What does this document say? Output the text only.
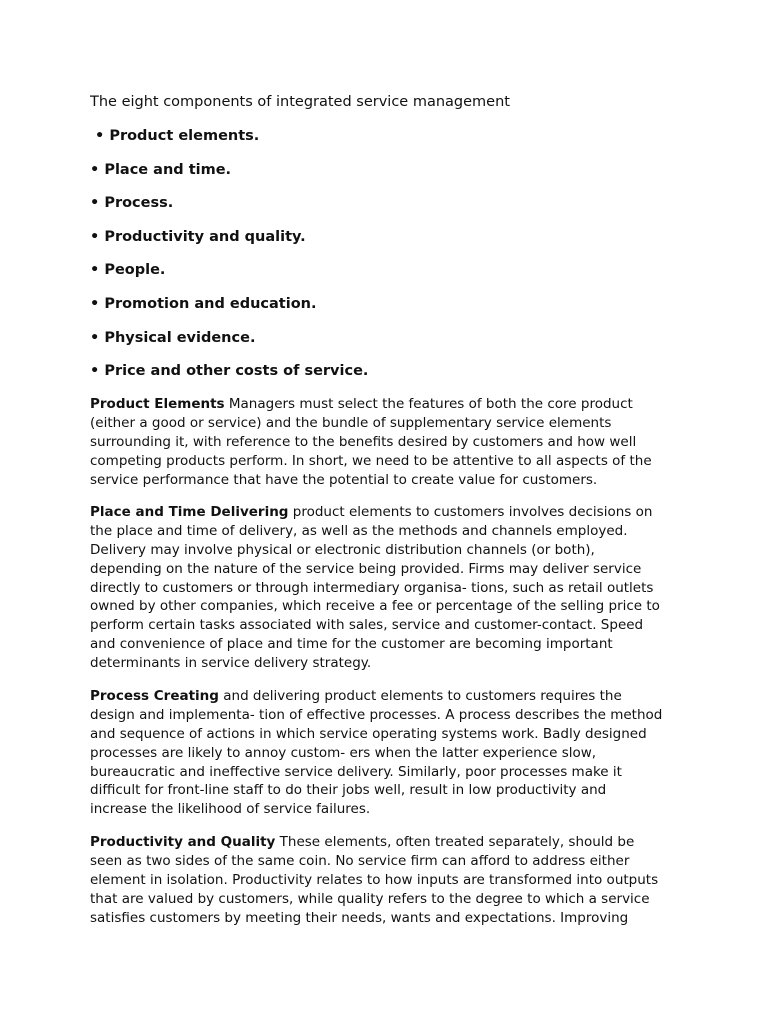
The eight components of integrated service management
• Product elements.
• Place and time.
• Process.
• Productivity and quality.
• People.
• Promotion and education.
• Physical evidence.
• Price and other costs of service.
Product Elements Managers must select the features of both the core product
(either a good or service) and the bundle of supplementary service elements
surrounding it, with reference to the benefits desired by customers and how well
competing products perform. In short, we need to be attentive to all aspects of the
service performance that have the potential to create value for customers.
Place and Time Delivering product elements to customers involves decisions on
the place and time of delivery, as well as the methods and channels employed.
Delivery may involve physical or electronic distribution channels (or both),
depending on the nature of the service being provided. Firms may deliver service
directly to customers or through intermediary organisa- tions, such as retail outlets
owned by other companies, which receive a fee or percentage of the selling price to
perform certain tasks associated with sales, service and customer-contact. Speed
and convenience of place and time for the customer are becoming important
determinants in service delivery strategy.
Process Creating and delivering product elements to customers requires the
design and implementa- tion of effective processes. A process describes the method
and sequence of actions in which service operating systems work. Badly designed
processes are likely to annoy custom- ers when the latter experience slow,
bureaucratic and ineffective service delivery. Similarly, poor processes make it
difficult for front-line staff to do their jobs well, result in low productivity and
increase the likelihood of service failures.
Productivity and Quality These elements, often treated separately, should be
seen as two sides of the same coin. No service firm can afford to address either
element in isolation. Productivity relates to how inputs are transformed into outputs
that are valued by customers, while quality refers to the degree to which a service
satisfies customers by meeting their needs, wants and expectations. Improving
